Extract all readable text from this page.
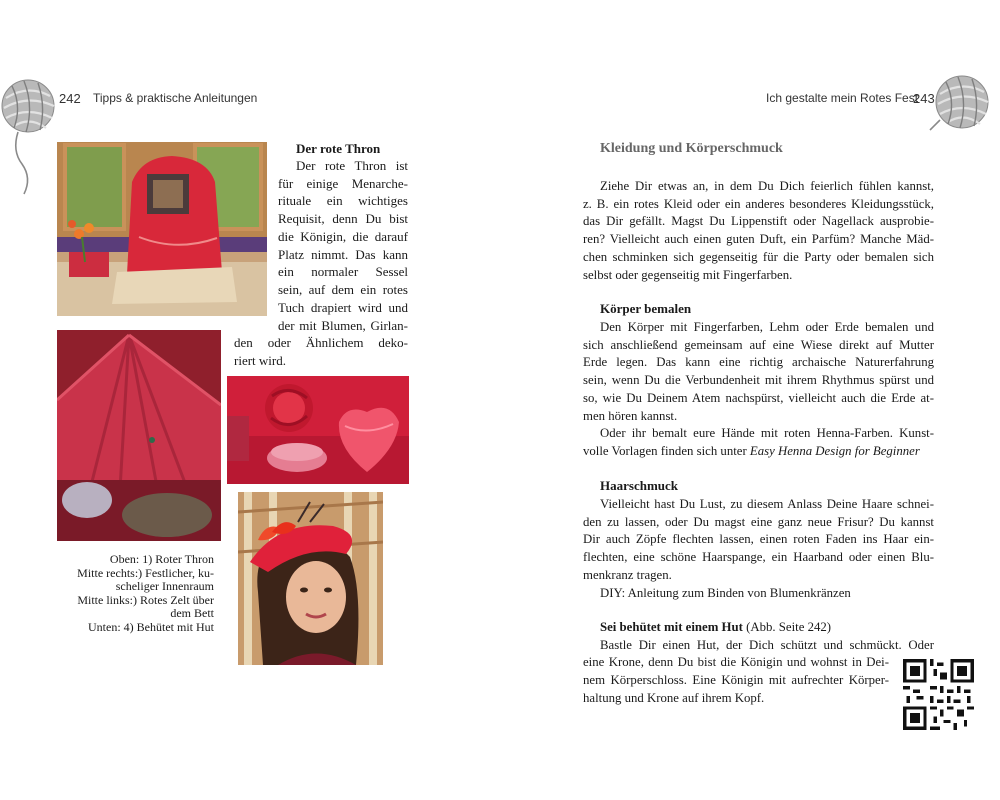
242 Tipps & praktische Anleitungen	Ich gestalte mein Rotes Fest
243
Der rote Thron
Der rote Thron ist
für einige Menarche-
rituale ein wichtiges
Requisit, denn Du bist
die Königin, die darauf
Platz nimmt. Das kann
ein normaler Sessel
sein, auf dem ein rotes
Tuch drapiert wird und
der mit Blumen, Girlan-
den oder Ähnlichem deko-
riert wird.
Oben: 1) Roter Thron
Mitte rechts:) Festlicher, ku-
scheliger Innenraum
Mitte links:) Rotes Zelt über
dem Bett
Unten: 4) Behütet mit Hut
Kleidung und Körperschmuck
Ziehe Dir etwas an, in dem Du Dich feierlich fühlen kannst,
z. B. ein rotes Kleid oder ein anderes besonderes Kleidungsstück,
das Dir gefällt. Magst Du Lippenstift oder Nagellack ausprobie-
ren? Vielleicht auch einen guten Duft, ein Parfüm? Manche Mäd-
chen schminken sich gegenseitig für die Party oder bemalen sich
selbst oder gegenseitig mit Fingerfarben.
Körper bemalen
Den Körper mit Fingerfarben, Lehm oder Erde bemalen und
sich anschließend gemeinsam auf eine Wiese direkt auf Mutter
Erde legen. Das kann eine richtig archaische Naturerfahrung
sein, wenn Du die Verbundenheit mit ihrem Rhythmus spürst und
so, wie Du Deinem Atem nachspürst, vielleicht auch die Erde at-
men hören kannst.
Oder ihr bemalt eure Hände mit roten Henna-Farben. Kunst-
volle Vorlagen finden sich unter Easy Henna Design for Beginner
Haarschmuck
Vielleicht hast Du Lust, zu diesem Anlass Deine Haare schnei-
den zu lassen, oder Du magst eine ganz neue Frisur? Du kannst
Dir auch Zöpfe flechten lassen, einen roten Faden ins Haar ein-
flechten, eine schöne Haarspange, ein Haarband oder einen Blu-
menkranz tragen.
DIY: Anleitung zum Binden von Blumenkränzen
Sei behütet mit einem Hut (Abb. Seite 242)
Bastle Dir einen Hut, der Dich schützt und schmückt. Oder
eine Krone, denn Du bist die Königin und wohnst in Dei-
nem Körperschloss. Eine Königin mit aufrechter Körper-
haltung und Krone auf ihrem Kopf.
